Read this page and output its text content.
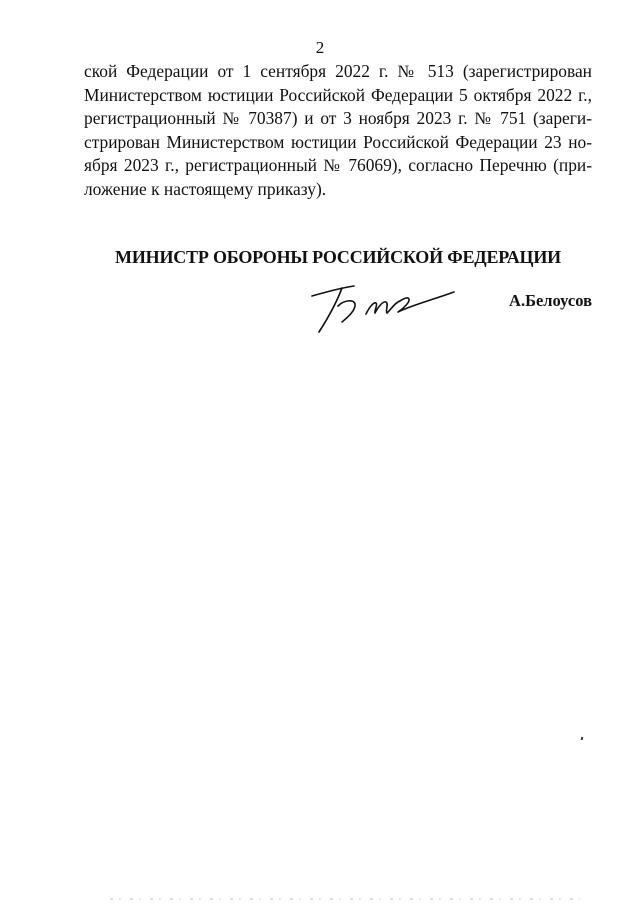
2
ской Федерации от 1 сентября 2022 г. № 513 (зарегистрирован
Министерством юстиции Российской Федерации 5 октября 2022 г.,
регистрационный № 70387) и от 3 ноября 2023 г. № 751 (зареги-
стрирован Министерством юстиции Российской Федерации 23 но-
ября 2023 г., регистрационный № 76069), согласно Перечню (при-
ложение к настоящему приказу).
МИНИСТР ОБОРОНЫ РОССИЙСКОЙ ФЕДЕРАЦИИ
А.Белоусов
